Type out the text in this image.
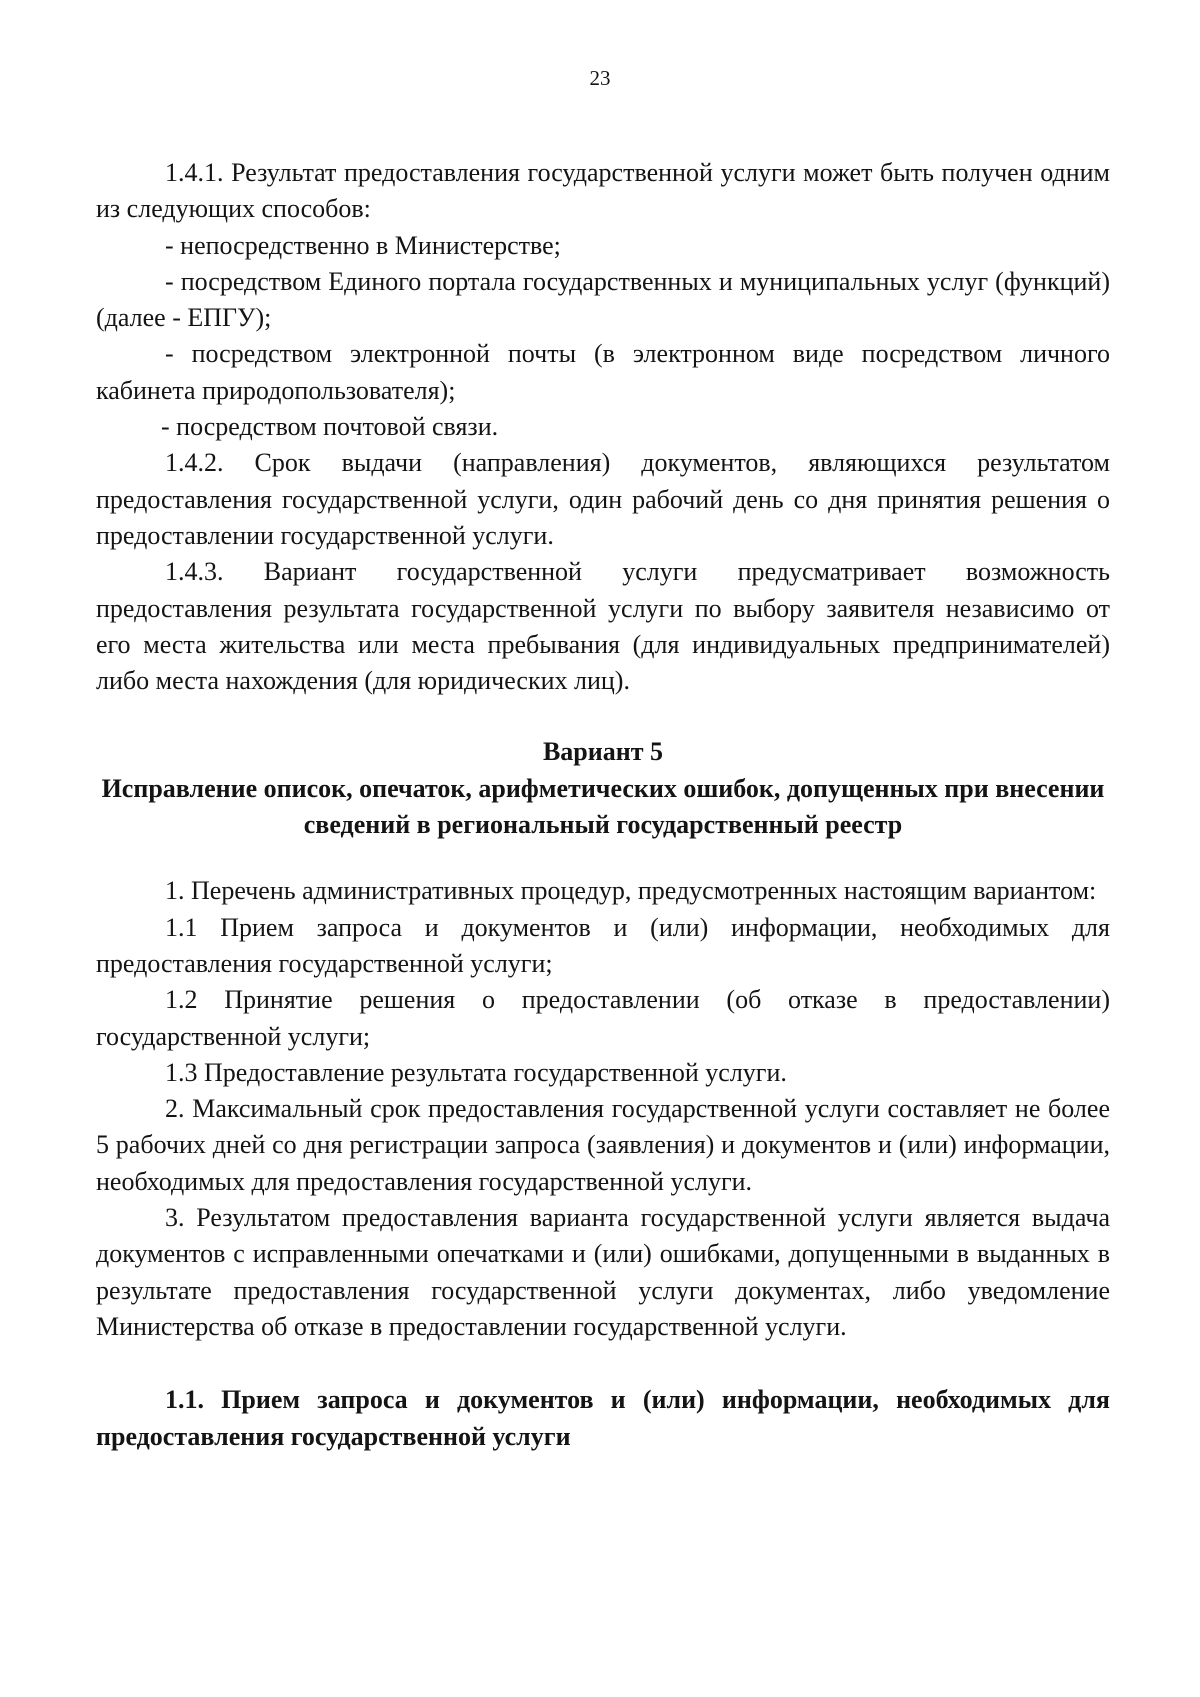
23

1.4.1. Результат предоставления государственной услуги может быть получен одним из следующих способов:

- непосредственно в Министерстве;

- посредством Единого портала государственных и муниципальных услуг (функций) (далее - ЕПГУ);

- посредством электронной почты (в электронном виде посредством личного кабинета природопользователя);

- посредством почтовой связи.

1.4.2. Срок выдачи (направления) документов, являющихся результатом предоставления государственной услуги, один рабочий день со дня принятия решения о предоставлении государственной услуги.

1.4.3. Вариант государственной услуги предусматривает возможность предоставления результата государственной услуги по выбору заявителя независимо от его места жительства или места пребывания (для индивидуальных предпринимателей) либо места нахождения (для юридических лиц).

Вариант 5

Исправление описок, опечаток, арифметических ошибок, допущенных при внесении сведений в региональный государственный реестр

1. Перечень административных процедур, предусмотренных настоящим вариантом:

1.1 Прием запроса и документов и (или) информации, необходимых для предоставления государственной услуги;

1.2 Принятие решения о предоставлении (об отказе в предоставлении) государственной услуги;

1.3 Предоставление результата государственной услуги.

2. Максимальный срок предоставления государственной услуги составляет не более 5 рабочих дней со дня регистрации запроса (заявления) и документов и (или) информации, необходимых для предоставления государственной услуги.

3. Результатом предоставления варианта государственной услуги является выдача документов с исправленными опечатками и (или) ошибками, допущенными в выданных в результате предоставления государственной услуги документах, либо уведомление Министерства об отказе в предоставлении государственной услуги.

1.1. Прием запроса и документов и (или) информации, необходимых для предоставления государственной услуги
